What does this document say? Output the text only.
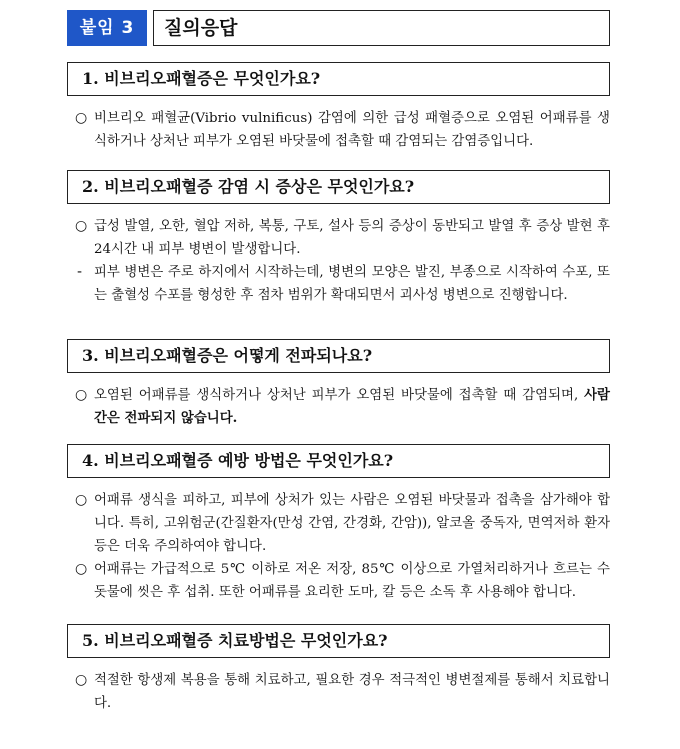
붙임 3	질의응답
1. 비브리오패혈증은 무엇인가요?
○ 비브리오 패혈균(Vibrio vulnificus) 감염에 의한 급성 패혈증으로 오염된 어패류를 생식하거나 상처난 피부가 오염된 바닷물에 접촉할 때 감염되는 감염증입니다.
2. 비브리오패혈증 감염 시 증상은 무엇인가요?
○ 급성 발열, 오한, 혈압 저하, 복통, 구토, 설사 등의 증상이 동반되고 발열 후 증상 발현 후 24시간 내 피부 병변이 발생합니다.
- 피부 병변은 주로 하지에서 시작하는데, 병변의 모양은 발진, 부종으로 시작하여 수포, 또는 출혈성 수포를 형성한 후 점차 범위가 확대되면서 괴사성 병변으로 진행합니다.
3. 비브리오패혈증은 어떻게 전파되나요?
○ 오염된 어패류를 생식하거나 상처난 피부가 오염된 바닷물에 접촉할 때 감염되며, 사람 간은 전파되지 않습니다.
4. 비브리오패혈증 예방 방법은 무엇인가요?
○ 어패류 생식을 피하고, 피부에 상처가 있는 사람은 오염된 바닷물과 접촉을 삼가해야 합니다. 특히, 고위험군(간질환자(만성 간염, 간경화, 간암)), 알코올 중독자, 면역저하 환자 등은 더욱 주의하여야 합니다.
○ 어패류는 가급적으로 5℃ 이하로 저온 저장, 85℃ 이상으로 가열처리하거나 흐르는 수돗물에 씻은 후 섭취. 또한 어패류를 요리한 도마, 칼 등은 소독 후 사용해야 합니다.
5. 비브리오패혈증 치료방법은 무엇인가요?
○ 적절한 항생제 복용을 통해 치료하고, 필요한 경우 적극적인 병변절제를 통해서 치료합니다.
